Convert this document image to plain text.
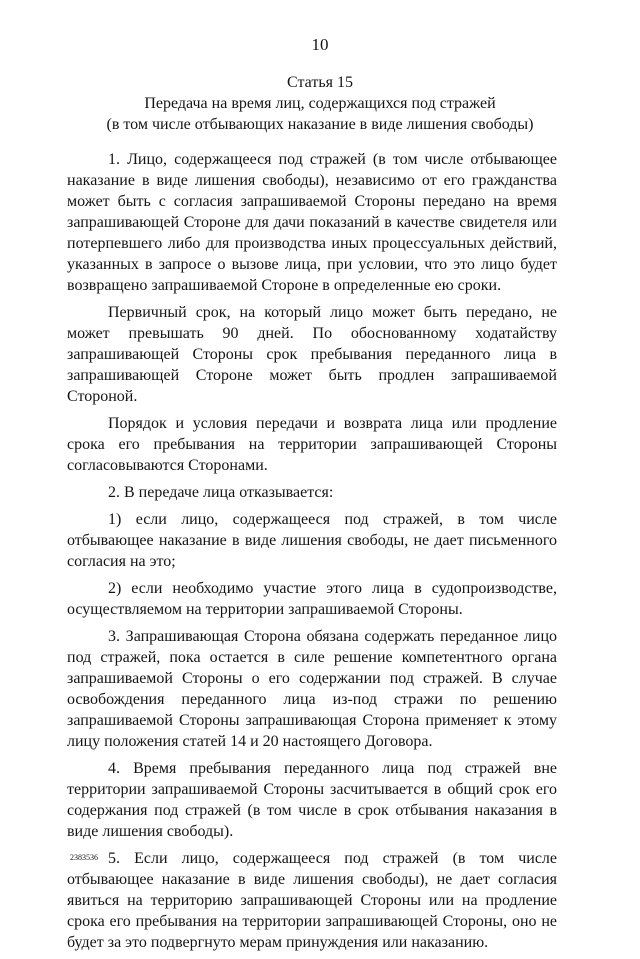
10
Статья 15
Передача на время лиц, содержащихся под стражей
(в том числе отбывающих наказание в виде лишения свободы)

1. Лицо, содержащееся под стражей (в том числе отбывающее наказание в виде лишения свободы), независимо от его гражданства может быть с согласия запрашиваемой Стороны передано на время запрашивающей Стороне для дачи показаний в качестве свидетеля или потерпевшего либо для производства иных процессуальных действий, указанных в запросе о вызове лица, при условии, что это лицо будет возвращено запрашиваемой Стороне в определенные ею сроки.

Первичный срок, на который лицо может быть передано, не может превышать 90 дней. По обоснованному ходатайству запрашивающей Стороны срок пребывания переданного лица в запрашивающей Стороне может быть продлен запрашиваемой Стороной.

Порядок и условия передачи и возврата лица или продление срока его пребывания на территории запрашивающей Стороны согласовываются Сторонами.

2. В передаче лица отказывается:

1) если лицо, содержащееся под стражей, в том числе отбывающее наказание в виде лишения свободы, не дает письменного согласия на это;

2) если необходимо участие этого лица в судопроизводстве, осуществляемом на территории запрашиваемой Стороны.

3. Запрашивающая Сторона обязана содержать переданное лицо под стражей, пока остается в силе решение компетентного органа запрашиваемой Стороны о его содержании под стражей. В случае освобождения переданного лица из-под стражи по решению запрашиваемой Стороны запрашивающая Сторона применяет к этому лицу положения статей 14 и 20 настоящего Договора.

4. Время пребывания переданного лица под стражей вне территории запрашиваемой Стороны засчитывается в общий срок его содержания под стражей (в том числе в срок отбывания наказания в виде лишения свободы).

5. Если лицо, содержащееся под стражей (в том числе отбывающее наказание в виде лишения свободы), не дает согласия явиться на территорию запрашивающей Стороны или на продление срока его пребывания на территории запрашивающей Стороны, оно не будет за это подвергнуто мерам принуждения или наказанию.

2383536
